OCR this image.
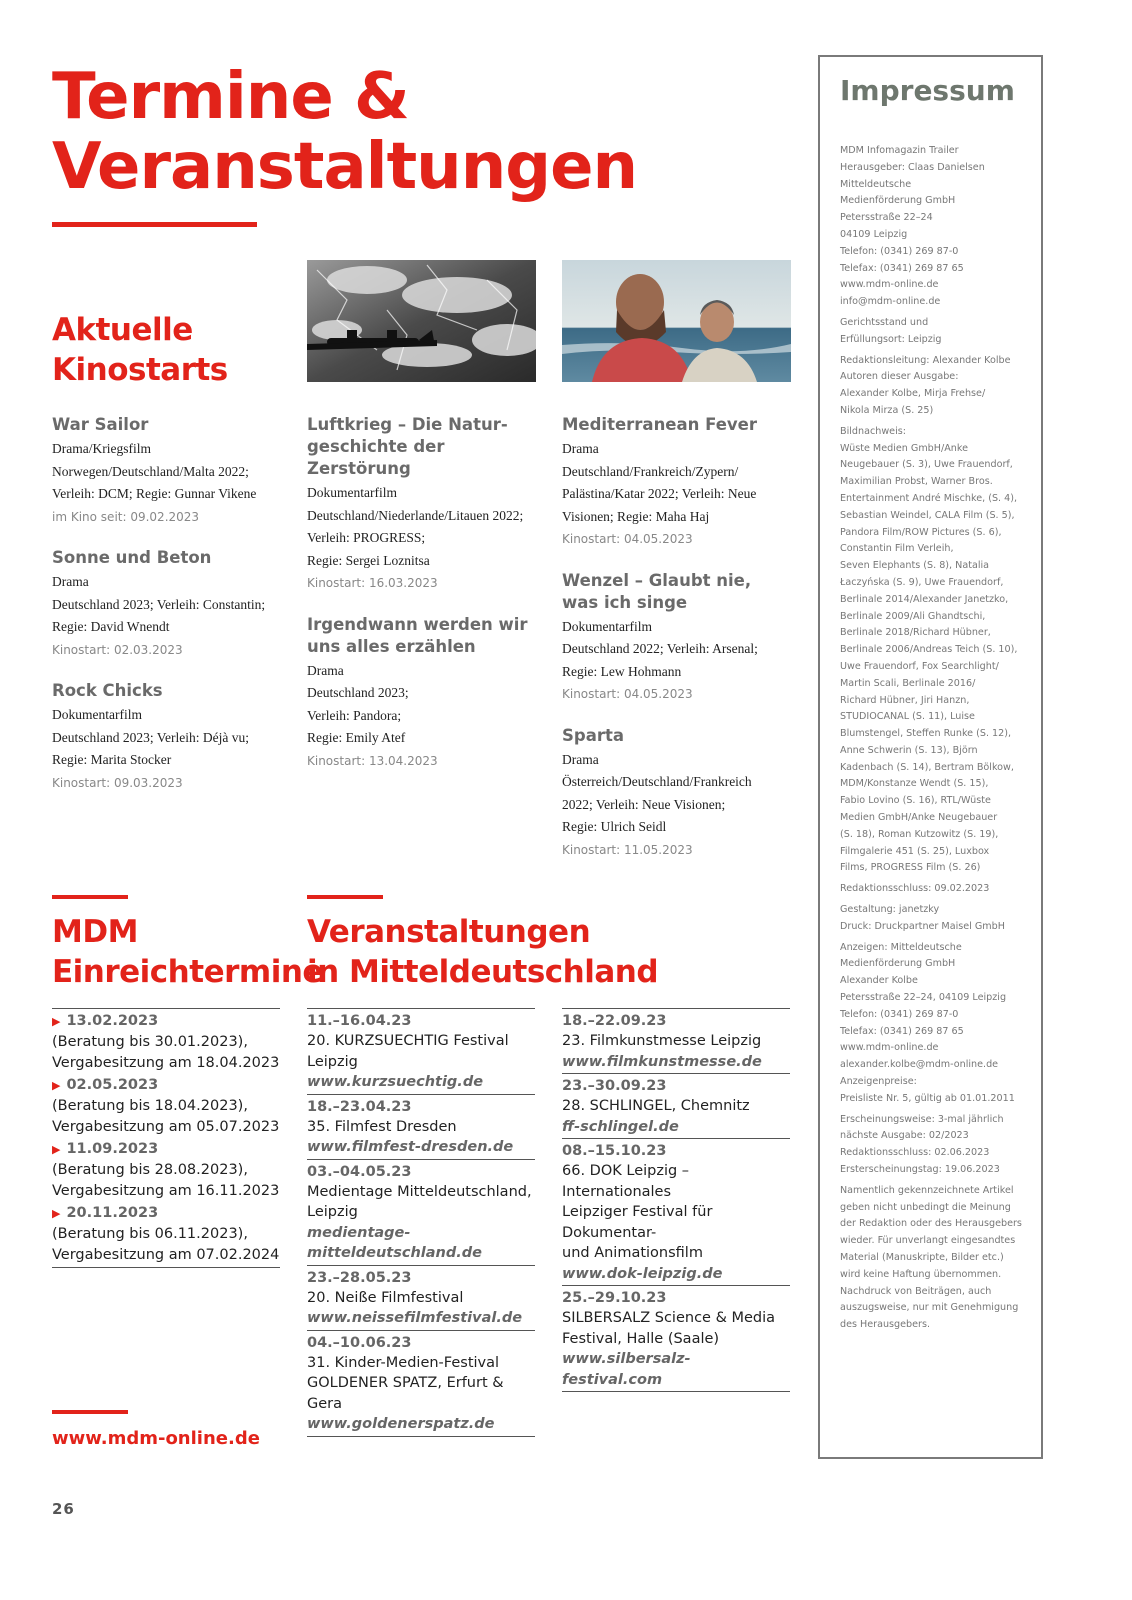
Termine &
Veranstaltungen
Aktuelle
Kinostarts
War Sailor
Drama/Kriegsfilm
Norwegen/Deutschland/Malta 2022;
Verleih: DCM; Regie: Gunnar Vikene
im Kino seit: 09.02.2023
Sonne und Beton
Drama
Deutschland 2023; Verleih: Constantin;
Regie: David Wnendt
Kinostart: 02.03.2023
Rock Chicks
Dokumentarfilm
Deutschland 2023; Verleih: Déjà vu;
Regie: Marita Stocker
Kinostart: 09.03.2023
Luftkrieg – Die Natur-
geschichte der Zerstörung
Dokumentarfilm
Deutschland/Niederlande/Litauen 2022;
Verleih: PROGRESS;
Regie: Sergei Loznitsa
Kinostart: 16.03.2023
Irgendwann werden wir
uns alles erzählen
Drama
Deutschland 2023;
Verleih: Pandora;
Regie: Emily Atef
Kinostart: 13.04.2023
Mediterranean Fever
Drama
Deutschland/Frankreich/Zypern/
Palästina/Katar 2022; Verleih: Neue
Visionen; Regie: Maha Haj
Kinostart: 04.05.2023
Wenzel – Glaubt nie,
was ich singe
Dokumentarfilm
Deutschland 2022; Verleih: Arsenal;
Regie: Lew Hohmann
Kinostart: 04.05.2023
Sparta
Drama
Österreich/Deutschland/Frankreich
2022; Verleih: Neue Visionen;
Regie: Ulrich Seidl
Kinostart: 11.05.2023
MDM
Einreichtermine
▶ 13.02.2023
(Beratung bis 30.01.2023),
Vergabesitzung am 18.04.2023
▶ 02.05.2023
(Beratung bis 18.04.2023),
Vergabesitzung am 05.07.2023
▶ 11.09.2023
(Beratung bis 28.08.2023),
Vergabesitzung am 16.11.2023
▶ 20.11.2023
(Beratung bis 06.11.2023),
Vergabesitzung am 07.02.2024
Veranstaltungen
in Mitteldeutschland
11.–16.04.23
20. KURZSUECHTIG Festival
Leipzig
www.kurzsuechtig.de
18.–23.04.23
35. Filmfest Dresden
www.filmfest-dresden.de
03.–04.05.23
Medientage Mitteldeutschland,
Leipzig
medientage-mitteldeutschland.de
23.–28.05.23
20. Neiße Filmfestival
www.neissefilmfestival.de
04.–10.06.23
31. Kinder-Medien-Festival
GOLDENER SPATZ, Erfurt & Gera
www.goldenerspatz.de
18.–22.09.23
23. Filmkunstmesse Leipzig
www.filmkunstmesse.de
23.–30.09.23
28. SCHLINGEL, Chemnitz
ff-schlingel.de
08.–15.10.23
66. DOK Leipzig – Internationales
Leipziger Festival für Dokumentar-
und Animationsfilm
www.dok-leipzig.de
25.–29.10.23
SILBERSALZ Science & Media
Festival, Halle (Saale)
www.silbersalz-festival.com
www.mdm-online.de
26
Impressum
MDM Infomagazin Trailer
Herausgeber: Claas Danielsen
Mitteldeutsche
Medienförderung GmbH
Petersstraße 22–24
04109 Leipzig
Telefon: (0341) 269 87-0
Telefax: (0341) 269 87 65
www.mdm-online.de
info@mdm-online.de
Gerichtsstand und
Erfüllungsort: Leipzig
Redaktionsleitung: Alexander Kolbe
Autoren dieser Ausgabe:
Alexander Kolbe, Mirja Frehse/
Nikola Mirza (S. 25)
Bildnachweis:
Wüste Medien GmbH/Anke
Neugebauer (S. 3), Uwe Frauendorf,
Maximilian Probst, Warner Bros.
Entertainment André Mischke, (S. 4),
Sebastian Weindel, CALA Film (S. 5),
Pandora Film/ROW Pictures (S. 6),
Constantin Film Verleih,
Seven Elephants (S. 8), Natalia
Łaczyńska (S. 9), Uwe Frauendorf,
Berlinale 2014/Alexander Janetzko,
Berlinale 2009/Ali Ghandtschi,
Berlinale 2018/Richard Hübner,
Berlinale 2006/Andreas Teich (S. 10),
Uwe Frauendorf, Fox Searchlight/
Martin Scali, Berlinale 2016/
Richard Hübner, Jiri Hanzn,
STUDIOCANAL (S. 11), Luise
Blumstengel, Steffen Runke (S. 12),
Anne Schwerin (S. 13), Björn
Kadenbach (S. 14), Bertram Bölkow,
MDM/Konstanze Wendt (S. 15),
Fabio Lovino (S. 16), RTL/Wüste
Medien GmbH/Anke Neugebauer
(S. 18), Roman Kutzowitz (S. 19),
Filmgalerie 451 (S. 25), Luxbox
Films, PROGRESS Film (S. 26)
Redaktionsschluss: 09.02.2023
Gestaltung: janetzky
Druck: Druckpartner Maisel GmbH
Anzeigen: Mitteldeutsche
Medienförderung GmbH
Alexander Kolbe
Petersstraße 22–24, 04109 Leipzig
Telefon: (0341) 269 87-0
Telefax: (0341) 269 87 65
www.mdm-online.de
alexander.kolbe@mdm-online.de
Anzeigenpreise:
Preisliste Nr. 5, gültig ab 01.01.2011
Erscheinungsweise: 3-mal jährlich
nächste Ausgabe: 02/2023
Redaktionsschluss: 02.06.2023
Ersterscheinungstag: 19.06.2023
Namentlich gekennzeichnete Artikel
geben nicht unbedingt die Meinung
der Redaktion oder des Herausgebers
wieder. Für unverlangt eingesandtes
Material (Manuskripte, Bilder etc.)
wird keine Haftung übernommen.
Nachdruck von Beiträgen, auch
auszugsweise, nur mit Genehmigung
des Herausgebers.
